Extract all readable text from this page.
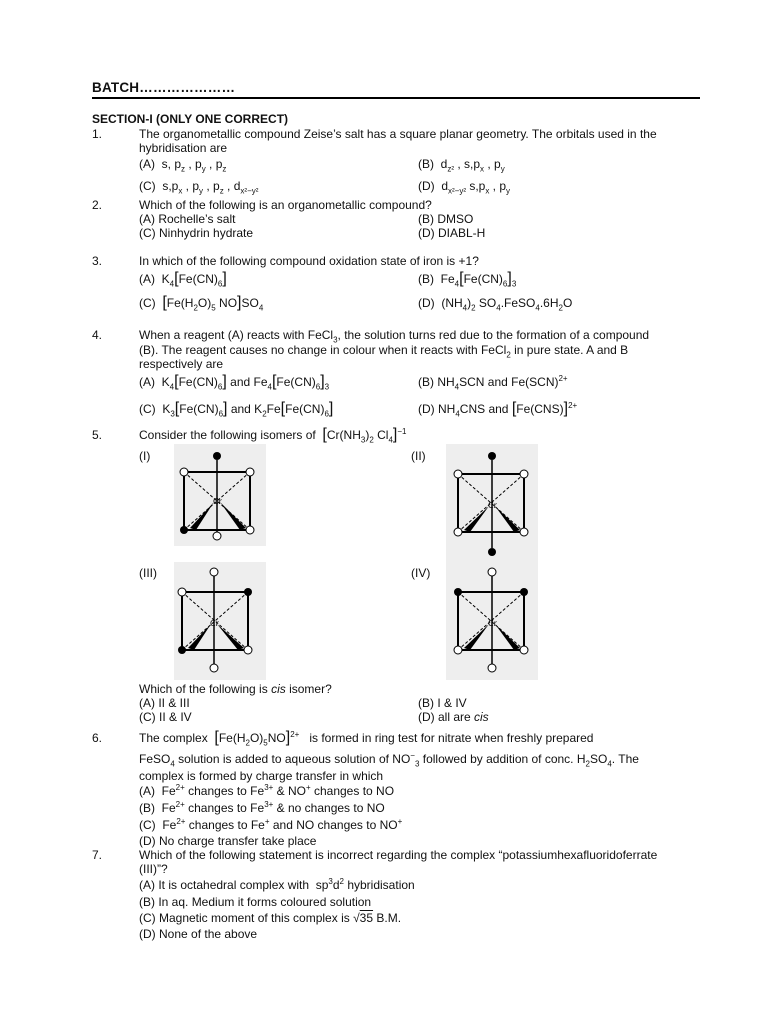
BATCH…………………
SECTION-I (ONLY ONE CORRECT)
1.	The organometallic compound Zeise’s salt has a square planar geometry. The orbitals used in the
hybridisation are
(A)  s, $p_z$ , $p_y$ , $p_z$	(B)  $d_{z^2}$ , $s,p_x$ , $p_y$
(C)  $s,p_x$ , $p_y$ , $p_z$ , $d_{x^2-y^2}$	(D)  $d_{x^2-y^2}$ $s,p_x$ , $p_y$
2.	Which of the following is an organometallic compound?
(A) Rochelle’s salt	(B) DMSO
(C) Ninhydrin hydrate	(D) DIABL-H
3.	In which of the following compound oxidation state of iron is +1?
(A)  $K_4[Fe(CN)_6]$	(B)  $Fe_4[Fe(CN)_6]_3$
(C)  [$Fe(H_2O)_5$ $NO]SO_4$	(D)  $(NH_4)_2$ $SO_4.FeSO_4.6H_2O$
4.	When a reagent (A) reacts with FeCl$_3$, the solution turns red due to the formation of a compound
(B). The reagent causes no change in colour when it reacts with FeCl$_2$ in pure state. A and B
respectively are
(A)  $K_4[Fe(CN)_6]$ and $Fe_4[Fe(CN)_6]_3$	(B) $NH_4SCN$ and Fe(SCN)$^{2+}$
(C)  $K_3[Fe(CN)_6]$ and $K_2Fe[Fe(CN)_6]$	(D) $NH_4CNS$ and $[Fe(CNS)]^{2+}$
5.	Consider the following isomers of [$Cr(NH_3)_2$ $Cl_4]^{-1}$
(I)	(II)
(III)	(IV)
Cr	Cr
Cr	Cr
Which of the following is cis isomer?
(A) II & III	(B) I & IV
(C) II & IV	(D) all are cis
6.	The complex $[Fe(H_2O)_5NO]^{2+}$ is formed in ring test for nitrate when freshly prepared
FeSO$_4$ solution is added to aqueous solution of $NO^-_3$ followed by addition of conc. $H_2SO_4$. The
complex is formed by charge transfer in which
(A)  $Fe^{2+}$ changes to $Fe^{3+}$ & NO+ changes to NO
(B)  $Fe^{2+}$ changes to $Fe^{3+}$ & no changes to NO
(C)  $Fe^{2+}$ changes to Fe+ and NO changes to NO+
(D) No charge transfer take place
7.	Which of the following statement is incorrect regarding the complex “potassiumhexafluoridoferrate
(III)”?
(A) It is octahedral complex with  $sp^3d^2$ hybridisation
(B) In aq. Medium it forms coloured solution
(C) Magnetic moment of this complex is √35 B.M.
(D) None of the above
